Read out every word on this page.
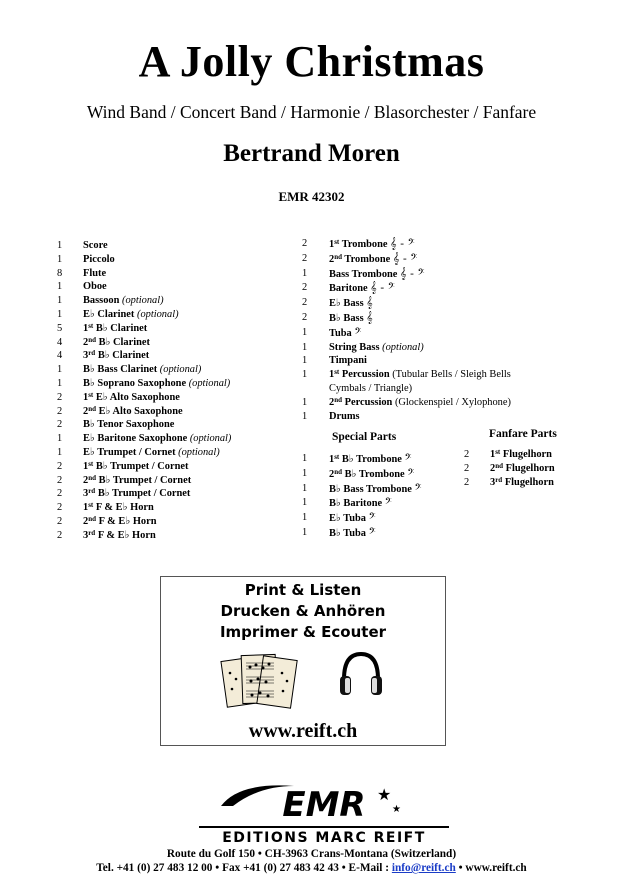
A Jolly Christmas
Wind Band / Concert Band / Harmonie / Blasorchester / Fanfare
Bertrand Moren
EMR 42302
1	Score
1	Piccolo
8	Flute
1	Oboe
1	Bassoon (optional)
1	E♭ Clarinet (optional)
5	1st B♭ Clarinet
4	2nd B♭ Clarinet
4	3rd B♭ Clarinet
1	B♭ Bass Clarinet (optional)
1	B♭ Soprano Saxophone (optional)
2	1st E♭ Alto Saxophone
2	2nd E♭ Alto Saxophone
2	B♭ Tenor Saxophone
1	E♭ Baritone Saxophone (optional)
1	E♭ Trumpet / Cornet (optional)
2	1st B♭ Trumpet / Cornet
2	2nd B♭ Trumpet / Cornet
2	3rd B♭ Trumpet / Cornet
2	1st F & E♭ Horn
2	2nd F & E♭ Horn
2	3rd F & E♭ Horn
2	1st Trombone 𝄞 - 𝄢
2	2nd Trombone 𝄞 - 𝄢
1	Bass Trombone 𝄞 - 𝄢
2	Baritone 𝄞 - 𝄢
2	E♭ Bass 𝄞
2	B♭ Bass 𝄞
1	Tuba 𝄢
1	String Bass (optional)
1	Timpani
1	1st Percussion (Tubular Bells / Sleigh Bells
Cymbals / Triangle)
1	2nd Percussion (Glockenspiel / Xylophone)
1	Drums
Special Parts
1	1st B♭ Trombone 𝄢
1	2nd B♭ Trombone 𝄢
1	B♭ Bass Trombone 𝄢
1	B♭ Baritone 𝄢
1	E♭ Tuba 𝄢
1	B♭ Tuba 𝄢
Fanfare Parts
2	1st Flugelhorn
2	2nd Flugelhorn
2	3rd Flugelhorn
Print & Listen
Drucken & Anhören
Imprimer & Ecouter
www.reift.ch
EMR ★
★
EDITIONS MARC REIFT
Route du Golf 150 • CH-3963 Crans-Montana (Switzerland)
Tel. +41 (0) 27 483 12 00 • Fax +41 (0) 27 483 42 43 • E-Mail : info@reift.ch • www.reift.ch
